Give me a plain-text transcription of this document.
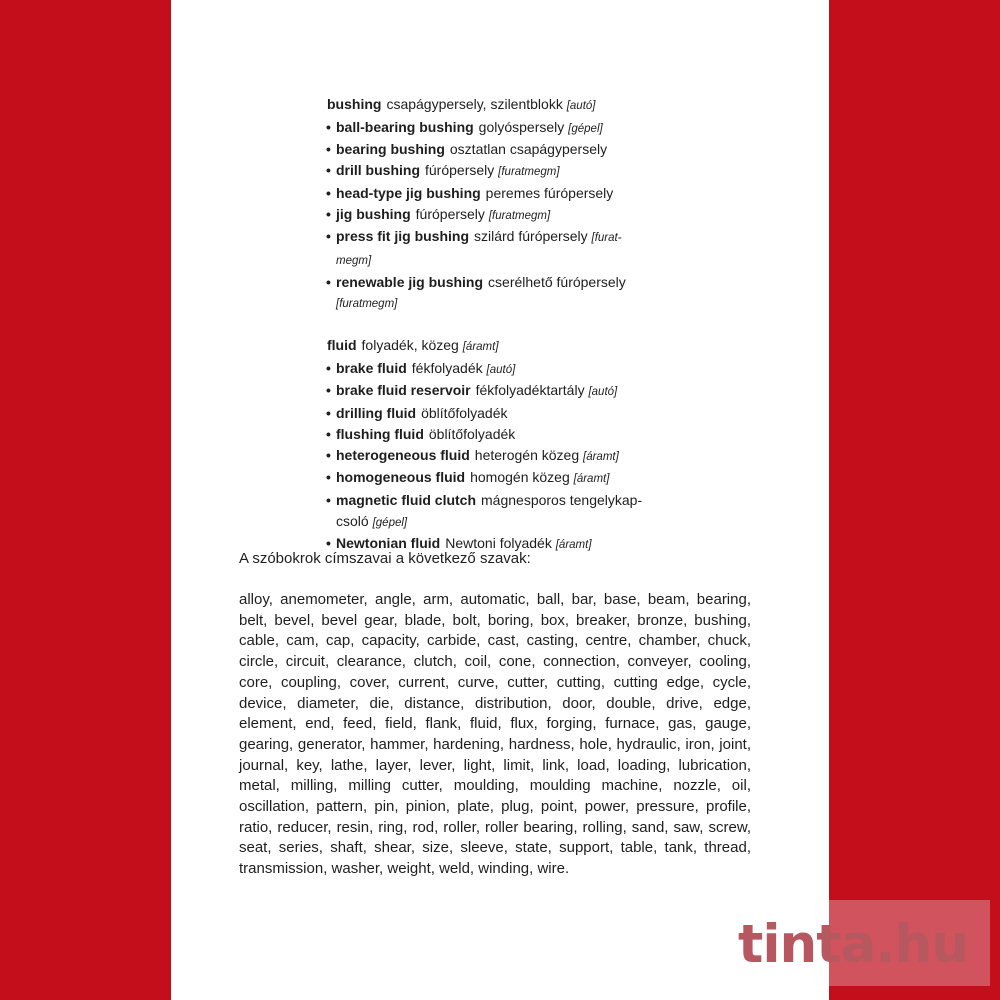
bushing csapágypersely, szilentblokk [autó]
• ball-bearing bushing golyóspersely [gépel]
• bearing bushing osztatlan csapágypersely
• drill bushing fúrópersely [furatmegm]
• head-type jig bushing peremes fúrópersely
• jig bushing fúrópersely [furatmegm]
• press fit jig bushing szilárd fúrópersely [furat-
megm]
• renewable jig bushing cserélhető fúrópersely
[furatmegm]
fluid folyadék, közeg [áramt]
• brake fluid fékfolyadék [autó]
• brake fluid reservoir fékfolyadéktartály [autó]
• drilling fluid öblítőfolyadék
• flushing fluid öblítőfolyadék
• heterogeneous fluid heterogén közeg [áramt]
• homogeneous fluid homogén közeg [áramt]
• magnetic fluid clutch mágnesporos tengelykap-
csoló [gépel]
• Newtonian fluid Newtoni folyadék [áramt]

A szóbokrok címszavai a következő szavak:

alloy, anemometer, angle, arm, automatic, ball, bar, base, beam, bearing, belt, bevel, bevel gear, blade, bolt, boring, box, breaker, bronze, bushing, cable, cam, cap, capacity, carbide, cast, casting, centre, chamber, chuck, circle, circuit, clearance, clutch, coil, cone, connection, conveyer, cooling, core, coupling, cover, current, curve, cutter, cutting, cutting edge, cycle, device, diameter, die, distance, distribution, door, double, drive, edge, element, end, feed, field, flank, fluid, flux, forging, furnace, gas, gauge, gearing, generator, hammer, hardening, hardness, hole, hydraulic, iron, joint, journal, key, lathe, layer, lever, light, limit, link, load, loading, lubrication, metal, milling, milling cutter, moulding, moulding machine, nozzle, oil, oscillation, pattern, pin, pinion, plate, plug, point, power, pressure, profile, ratio, reducer, resin, ring, rod, roller, roller bearing, rolling, sand, saw, screw, seat, series, shaft, shear, size, sleeve, state, support, table, tank, thread, transmission, washer, weight, weld, winding, wire.

tinta.hu
